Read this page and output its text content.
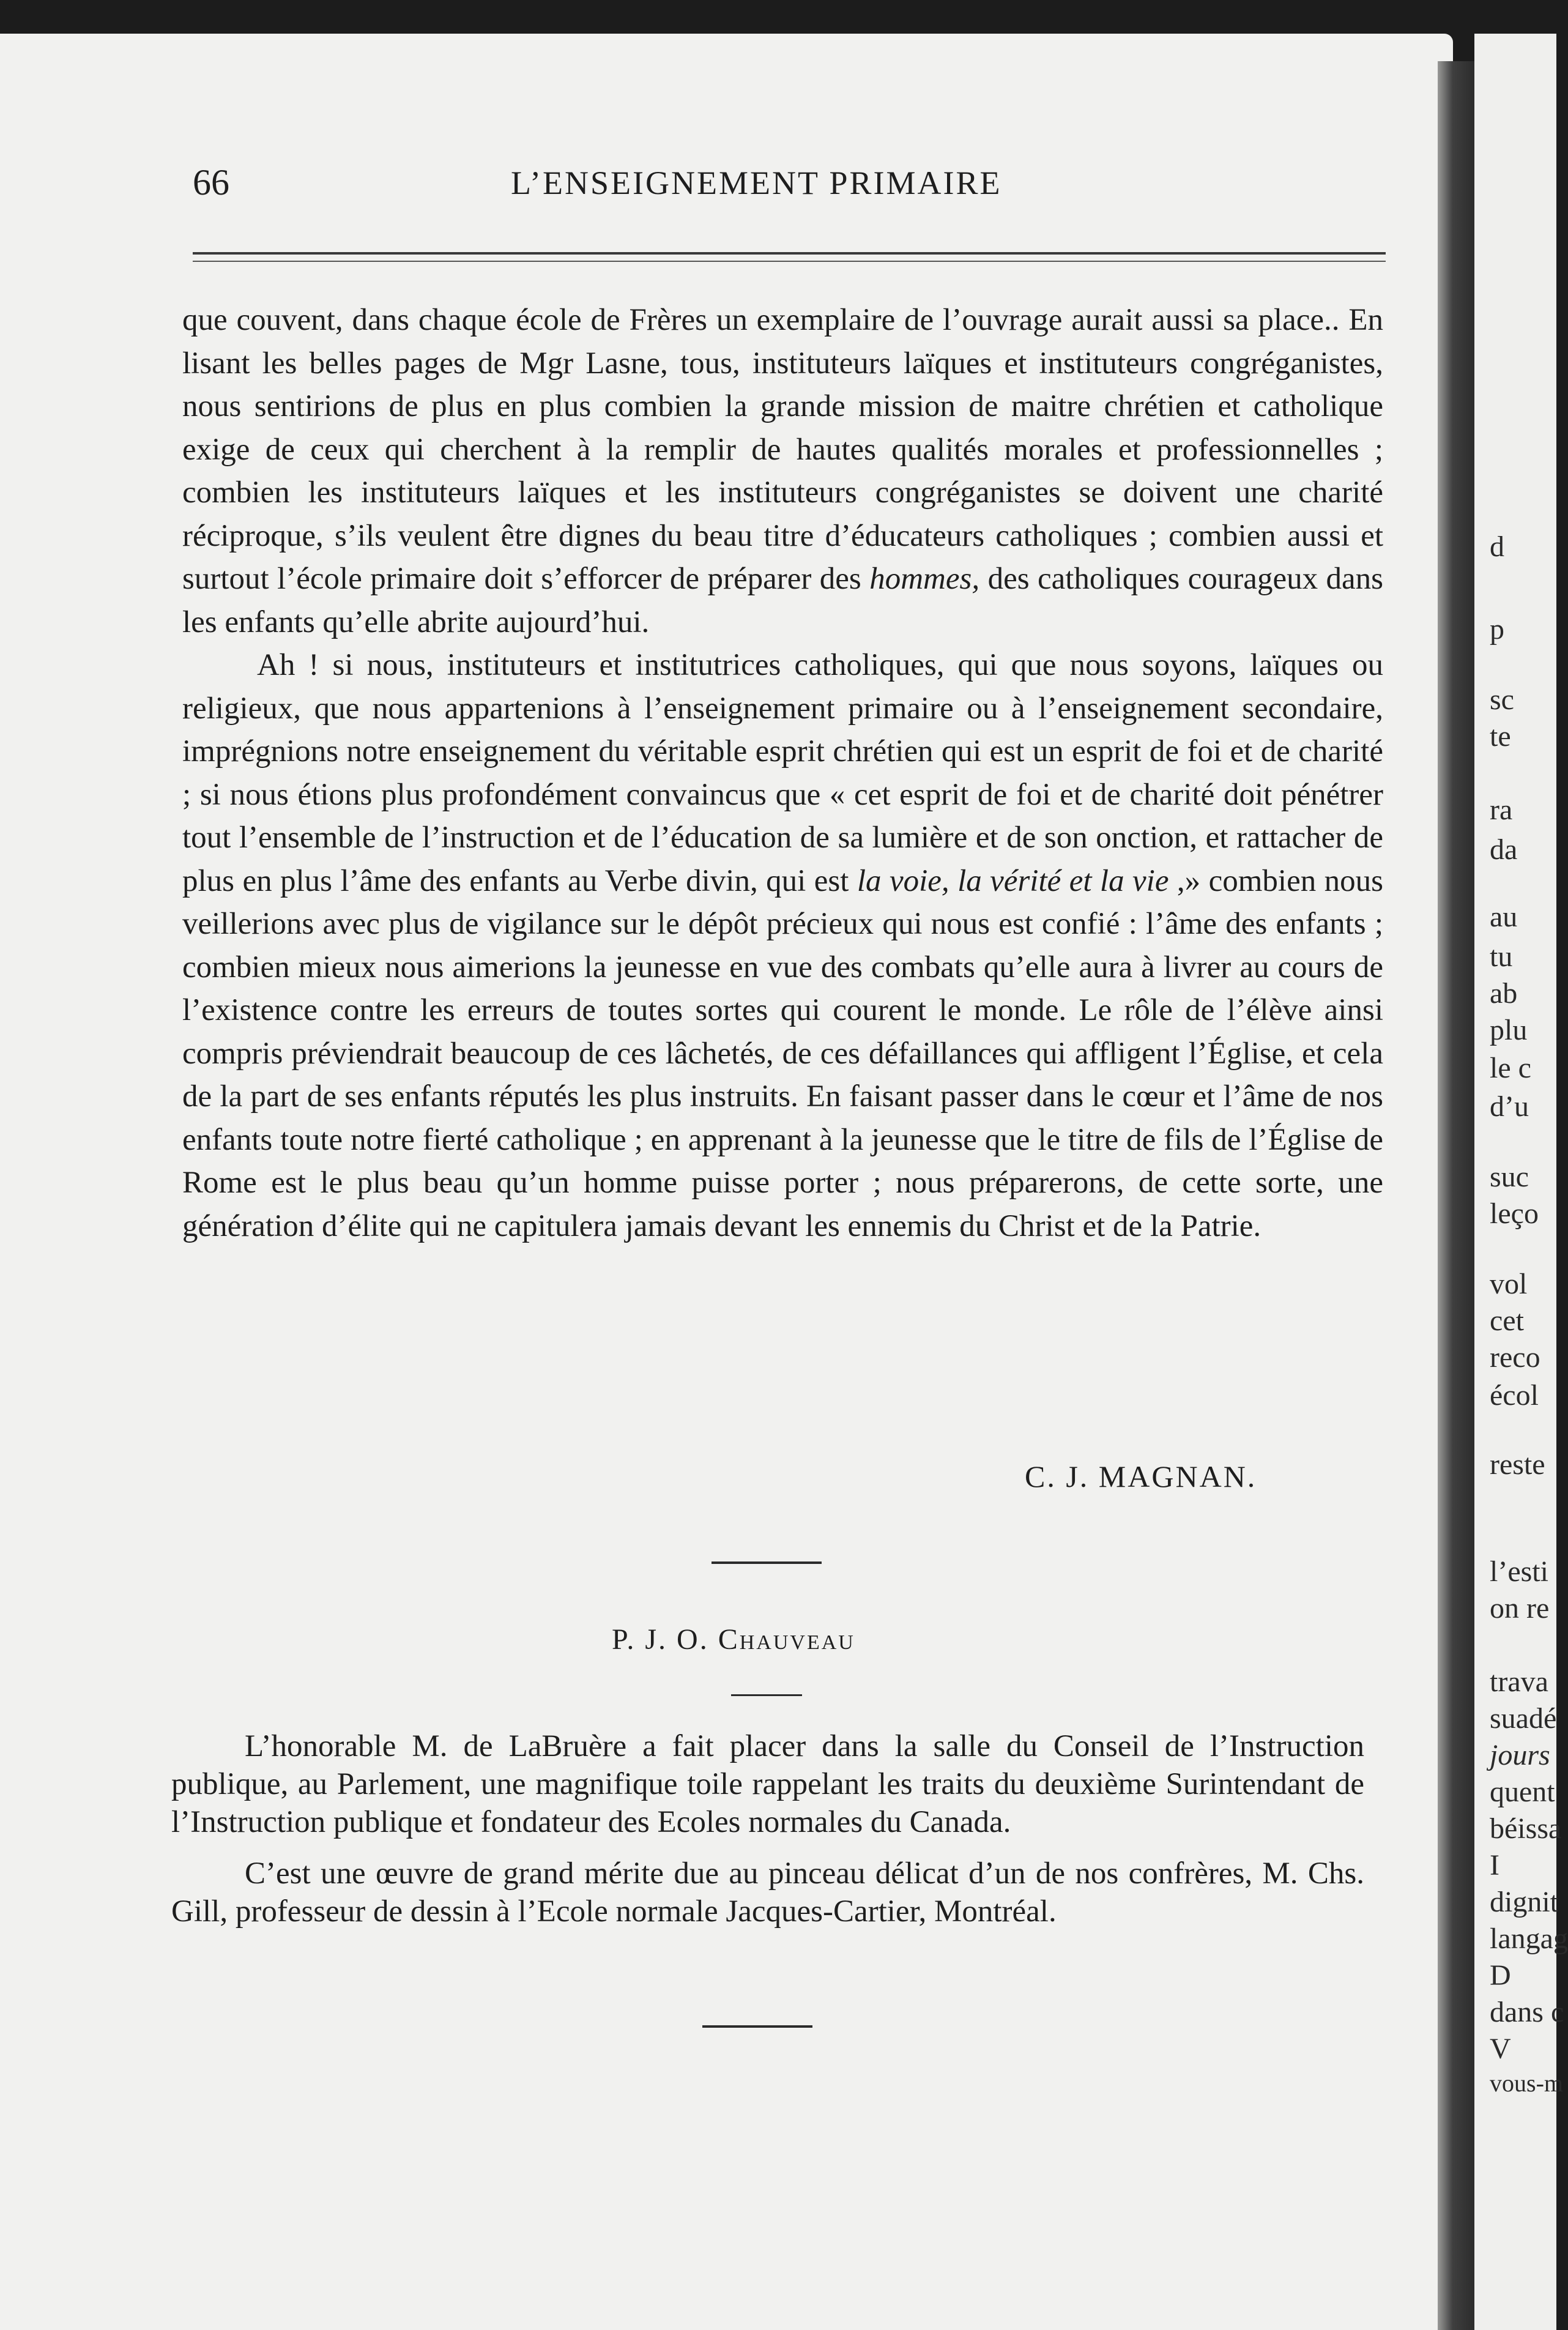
d
p
sc
te
ra
da
au
tu
ab
plu
le c
d’u
suc
leço
vol
cet
reco
écol
reste
l’esti
on re
trava
suadé
jours
quent
béissa
I
dignit
langag
D
dans c
V
vous-m
66	L’ENSEIGNEMENT PRIMAIRE

que couvent, dans chaque école de Frères un exemplaire de l’ouvrage aurait aussi sa place.. En lisant les belles pages de Mgr Lasne, tous, instituteurs laïques et instituteurs congréganistes, nous sentirions de plus en plus combien la grande mission de maitre chrétien et catholique exige de ceux qui cherchent à la remplir de hautes qualités morales et professionnelles ; combien les instituteurs laïques et les instituteurs congréganistes se doivent une charité réciproque, s’ils veulent être dignes du beau titre d’éducateurs catholiques ; combien aussi et surtout l’école primaire doit s’efforcer de préparer des hommes, des catholiques courageux dans les enfants qu’elle abrite aujourd’hui.

Ah ! si nous, instituteurs et institutrices catholiques, qui que nous soyons, laïques ou religieux, que nous appartenions à l’enseignement primaire ou à l’enseignement secondaire, imprégnions notre enseignement du véritable esprit chrétien qui est un esprit de foi et de charité ; si nous étions plus profondément convaincus que « cet esprit de foi et de charité doit pénétrer tout l’ensemble de l’instruction et de l’éducation de sa lumière et de son onction, et rattacher de plus en plus l’âme des enfants au Verbe divin, qui est la voie, la vérité et la vie ,» combien nous veillerions avec plus de vigilance sur le dépôt précieux qui nous est confié : l’âme des enfants ; combien mieux nous aimerions la jeunesse en vue des combats qu’elle aura à livrer au cours de l’existence contre les erreurs de toutes sortes qui courent le monde. Le rôle de l’élève ainsi compris préviendrait beaucoup de ces lâchetés, de ces défaillances qui affligent l’Église, et cela de la part de ses enfants réputés les plus instruits. En faisant passer dans le cœur et l’âme de nos enfants toute notre fierté catholique ; en apprenant à la jeunesse que le titre de fils de l’Église de Rome est le plus beau qu’un homme puisse porter ; nous préparerons, de cette sorte, une génération d’élite qui ne capitulera jamais devant les ennemis du Christ et de la Patrie.

C. J. MAGNAN.
P. J. O. Chauveau

L’honorable M. de LaBruère a fait placer dans la salle du Conseil de l’Instruction publique, au Parlement, une magnifique toile rappelant les traits du deuxième Surintendant de l’Instruction publique et fondateur des Ecoles normales du Canada.

C’est une œuvre de grand mérite due au pinceau délicat d’un de nos confrères, M. Chs. Gill, professeur de dessin à l’Ecole normale Jacques-Cartier, Montréal.
